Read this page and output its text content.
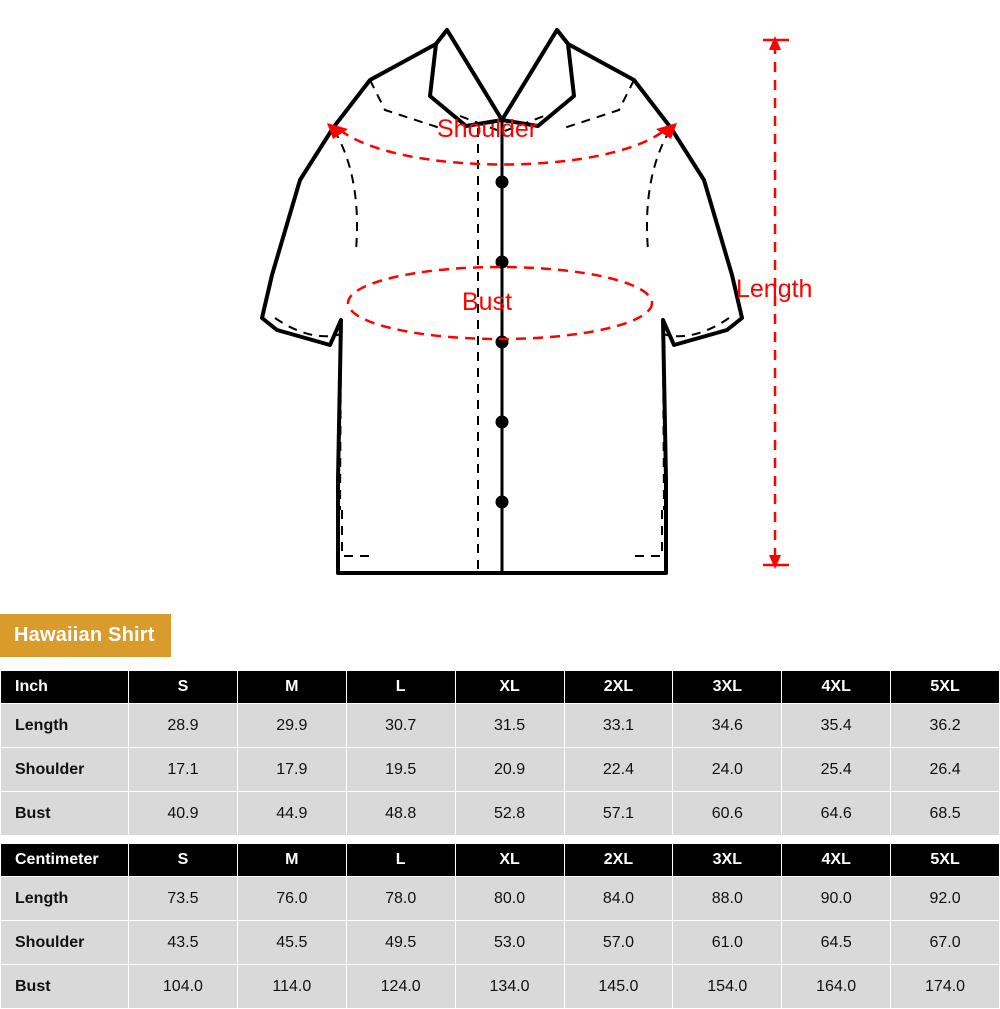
Shoulder
Bust	Length
Hawaiian Shirt
Inch	S	M	L	XL	2XL	3XL	4XL	5XL
Length	28.9	29.9	30.7	31.5	33.1	34.6	35.4	36.2
Shoulder	17.1	17.9	19.5	20.9	22.4	24.0	25.4	26.4
Bust	40.9	44.9	48.8	52.8	57.1	60.6	64.6	68.5
Centimeter	S	M	L	XL	2XL	3XL	4XL	5XL
Length	73.5	76.0	78.0	80.0	84.0	88.0	90.0	92.0
Shoulder	43.5	45.5	49.5	53.0	57.0	61.0	64.5	67.0
Bust	104.0	114.0	124.0	134.0	145.0	154.0	164.0	174.0
